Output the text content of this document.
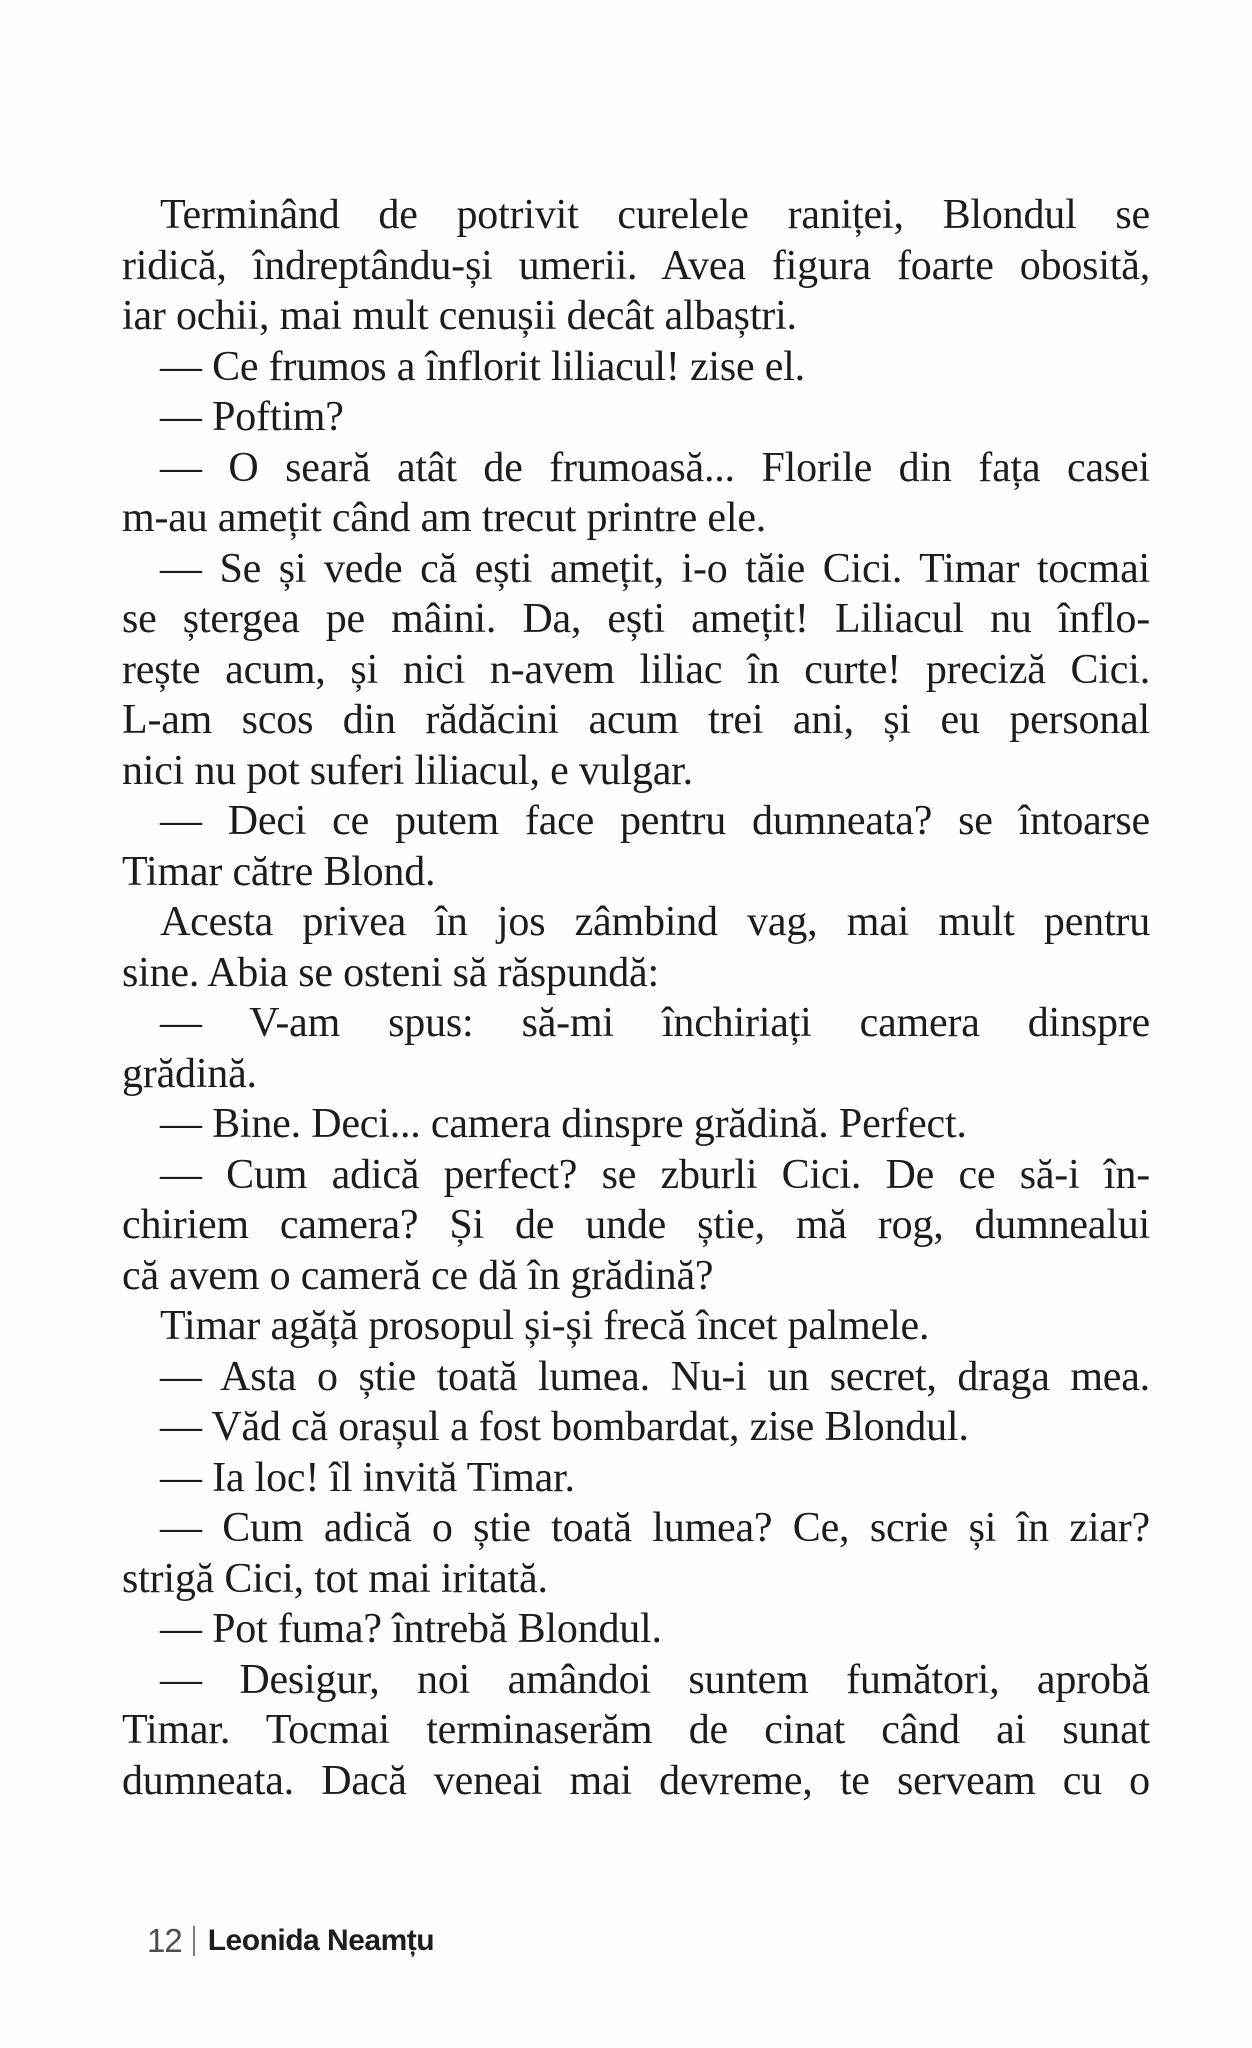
Terminând de potrivit curelele raniței, Blondul se
ridică, îndreptându-și umerii. Avea figura foarte obosită,
iar ochii, mai mult cenușii decât albaștri.
— Ce frumos a înflorit liliacul! zise el.
— Poftim?
— O seară atât de frumoasă... Florile din fața casei
m-au amețit când am trecut printre ele.
— Se și vede că ești amețit, i-o tăie Cici. Timar tocmai
se ștergea pe mâini. Da, ești amețit! Liliacul nu înflo-
rește acum, și nici n-avem liliac în curte! preciză Cici.
L-am scos din rădăcini acum trei ani, și eu personal
nici nu pot suferi liliacul, e vulgar.
— Deci ce putem face pentru dumneata? se întoarse
Timar către Blond.
Acesta privea în jos zâmbind vag, mai mult pentru
sine. Abia se osteni să răspundă:
— V-am spus: să-mi închiriați camera dinspre
grădină.
— Bine. Deci... camera dinspre grădină. Perfect.
— Cum adică perfect? se zburli Cici. De ce să-i în-
chiriem camera? Și de unde știe, mă rog, dumnealui
că avem o cameră ce dă în grădină?
Timar agăță prosopul și-și frecă încet palmele.
— Asta o știe toată lumea. Nu-i un secret, draga mea.
— Văd că orașul a fost bombardat, zise Blondul.
— Ia loc! îl invită Timar.
— Cum adică o știe toată lumea? Ce, scrie și în ziar?
strigă Cici, tot mai iritată.
— Pot fuma? întrebă Blondul.
— Desigur, noi amândoi suntem fumători, aprobă
Timar. Tocmai terminaserăm de cinat când ai sunat
dumneata. Dacă veneai mai devreme, te serveam cu o
12 Leonida Neamțu
